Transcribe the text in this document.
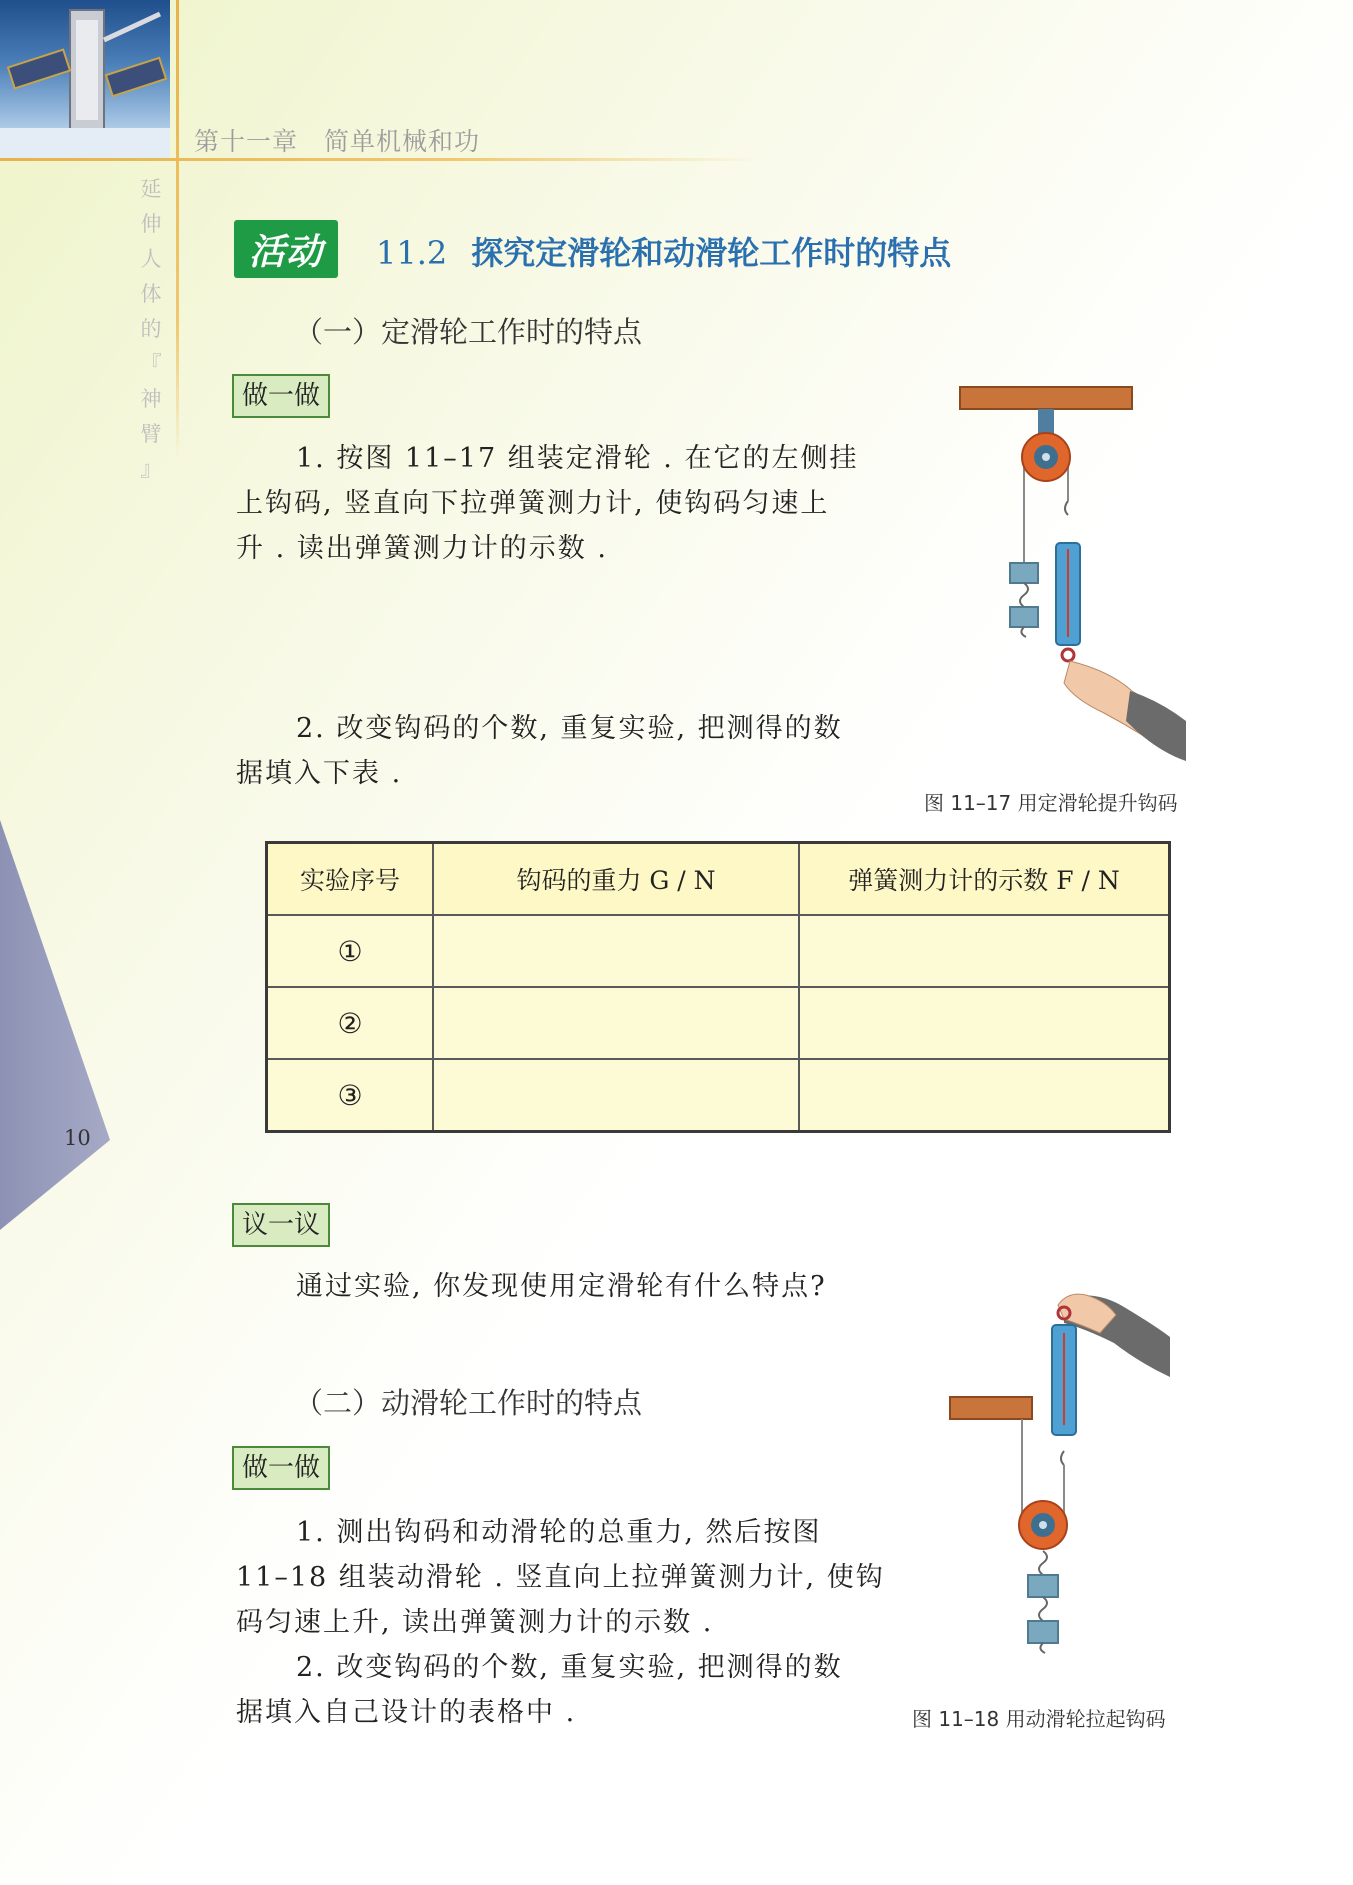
第十一章　简单机械和功
延
伸
人
体
的
『
神
臂
』
10
活动 11.2 探究定滑轮和动滑轮工作时的特点
（一）定滑轮工作时的特点
做一做
1. 按图 11–17 组装定滑轮 . 在它的左侧挂
上钩码, 竖直向下拉弹簧测力计, 使钩码匀速上
升 . 读出弹簧测力计的示数 .
2. 改变钩码的个数, 重复实验, 把测得的数
据填入下表 .
图 11–17 用定滑轮提升钩码
实验序号	钩码的重力 G / N	弹簧测力计的示数 F / N
①		
②		
③		
议一议
通过实验, 你发现使用定滑轮有什么特点?
（二）动滑轮工作时的特点
做一做
1. 测出钩码和动滑轮的总重力, 然后按图
11–18 组装动滑轮 . 竖直向上拉弹簧测力计, 使钩
码匀速上升, 读出弹簧测力计的示数 .
2. 改变钩码的个数, 重复实验, 把测得的数
据填入自己设计的表格中 .	图 11–18 用动滑轮拉起钩码
